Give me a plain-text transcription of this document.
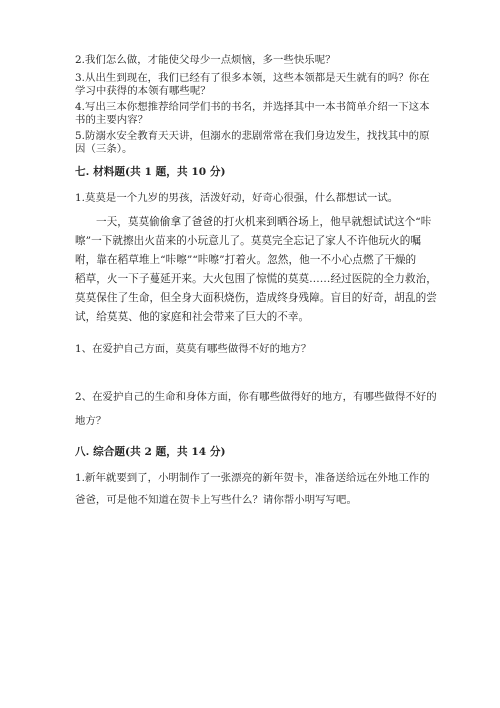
2.我们怎么做，才能使父母少一点烦恼，多一些快乐呢？
3.从出生到现在，我们已经有了很多本领，这些本领都是天生就有的吗？你在
学习中获得的本领有哪些呢？
4.写出三本你想推荐给同学们书的书名，并选择其中一本书简单介绍一下这本
书的主要内容？
5.防溺水安全教育天天讲，但溺水的悲剧常常在我们身边发生，找找其中的原
因（三条）。
七. 材料题(共 1 题，共 10 分)
1.莫莫是一个九岁的男孩，活泼好动，好奇心很强，什么都想试一试。
一天，莫莫偷偷拿了爸爸的打火机来到晒谷场上，他早就想试试这个“咔
嚓”一下就擦出火苗来的小玩意儿了。莫莫完全忘记了家人不许他玩火的嘱
咐，靠在稻草堆上“咔嚓”“咔嚓”打着火。忽然，他一不小心点燃了干燥的
稻草，火一下子蔓延开来。大火包围了惊慌的莫莫……经过医院的全力救治，
莫莫保住了生命，但全身大面积烧伤，造成终身残障。盲目的好奇，胡乱的尝
试，给莫莫、他的家庭和社会带来了巨大的不幸。
1、在爱护自己方面，莫莫有哪些做得不好的地方？
2、在爱护自己的生命和身体方面，你有哪些做得好的地方，有哪些做得不好的
地方？
八. 综合题(共 2 题，共 14 分)
1.新年就要到了，小明制作了一张漂亮的新年贺卡，准备送给远在外地工作的
爸爸，可是他不知道在贺卡上写些什么？请你帮小明写写吧。
